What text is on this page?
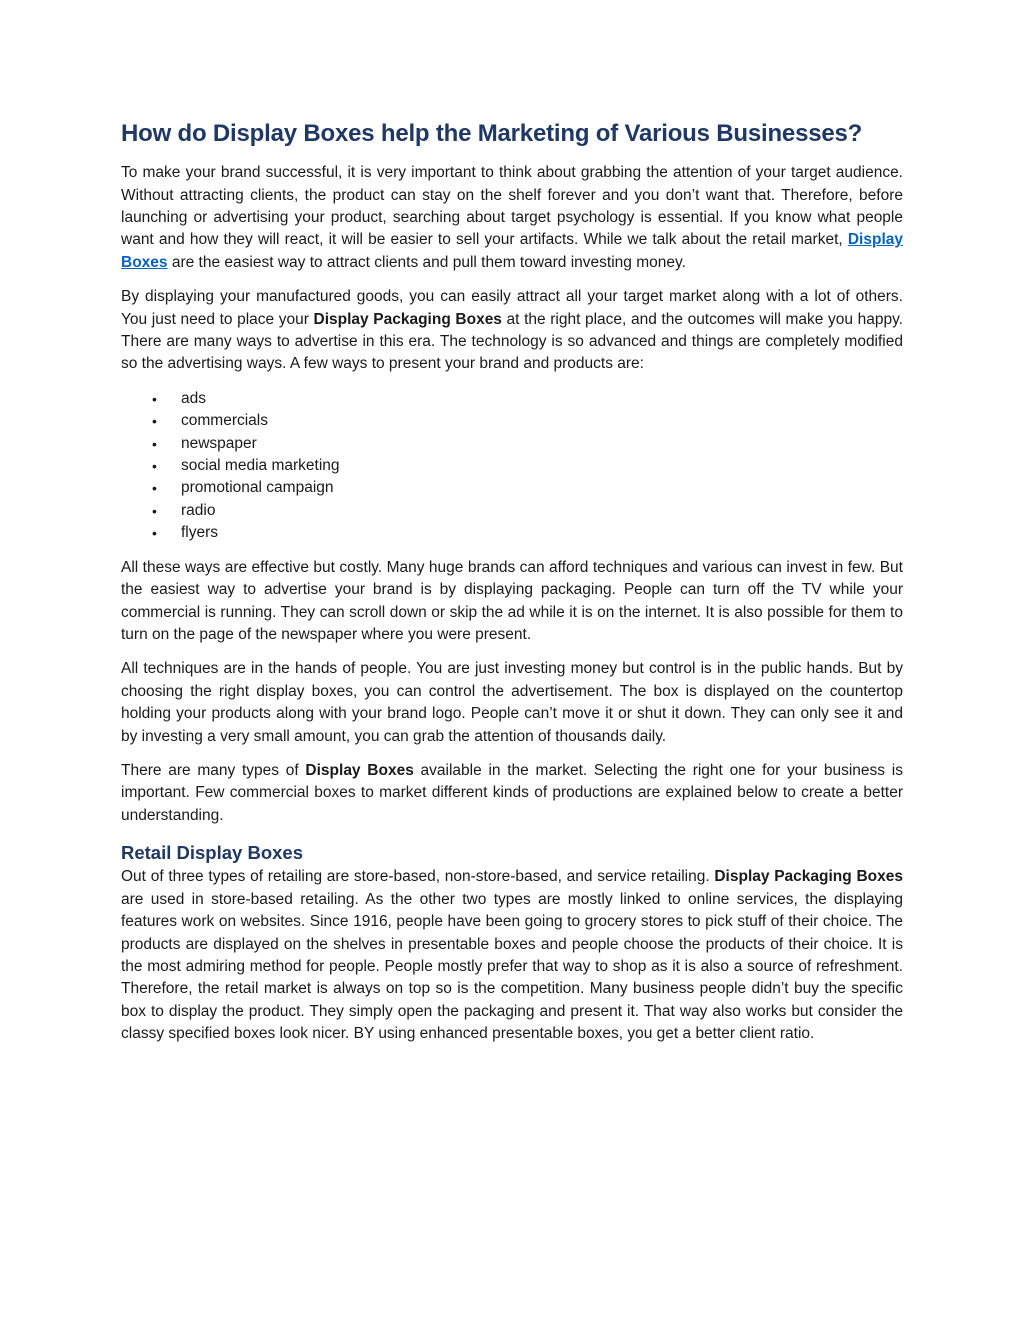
How do Display Boxes help the Marketing of Various Businesses?

To make your brand successful, it is very important to think about grabbing the attention of your target audience. Without attracting clients, the product can stay on the shelf forever and you don’t want that. Therefore, before launching or advertising your product, searching about target psychology is essential. If you know what people want and how they will react, it will be easier to sell your artifacts. While we talk about the retail market, Display Boxes are the easiest way to attract clients and pull them toward investing money.

By displaying your manufactured goods, you can easily attract all your target market along with a lot of others. You just need to place your Display Packaging Boxes at the right place, and the outcomes will make you happy. There are many ways to advertise in this era. The technology is so advanced and things are completely modified so the advertising ways. A few ways to present your brand and products are:

• ads
• commercials
• newspaper
• social media marketing
• promotional campaign
• radio
• flyers

All these ways are effective but costly. Many huge brands can afford techniques and various can invest in few. But the easiest way to advertise your brand is by displaying packaging. People can turn off the TV while your commercial is running. They can scroll down or skip the ad while it is on the internet. It is also possible for them to turn on the page of the newspaper where you were present.

All techniques are in the hands of people. You are just investing money but control is in the public hands. But by choosing the right display boxes, you can control the advertisement. The box is displayed on the countertop holding your products along with your brand logo. People can’t move it or shut it down. They can only see it and by investing a very small amount, you can grab the attention of thousands daily.

There are many types of Display Boxes available in the market. Selecting the right one for your business is important. Few commercial boxes to market different kinds of productions are explained below to create a better understanding.

Retail Display Boxes

Out of three types of retailing are store-based, non-store-based, and service retailing. Display Packaging Boxes are used in store-based retailing. As the other two types are mostly linked to online services, the displaying features work on websites. Since 1916, people have been going to grocery stores to pick stuff of their choice. The products are displayed on the shelves in presentable boxes and people choose the products of their choice. It is the most admiring method for people. People mostly prefer that way to shop as it is also a source of refreshment. Therefore, the retail market is always on top so is the competition. Many business people didn’t buy the specific box to display the product. They simply open the packaging and present it. That way also works but consider the classy specified boxes look nicer. BY using enhanced presentable boxes, you get a better client ratio.
